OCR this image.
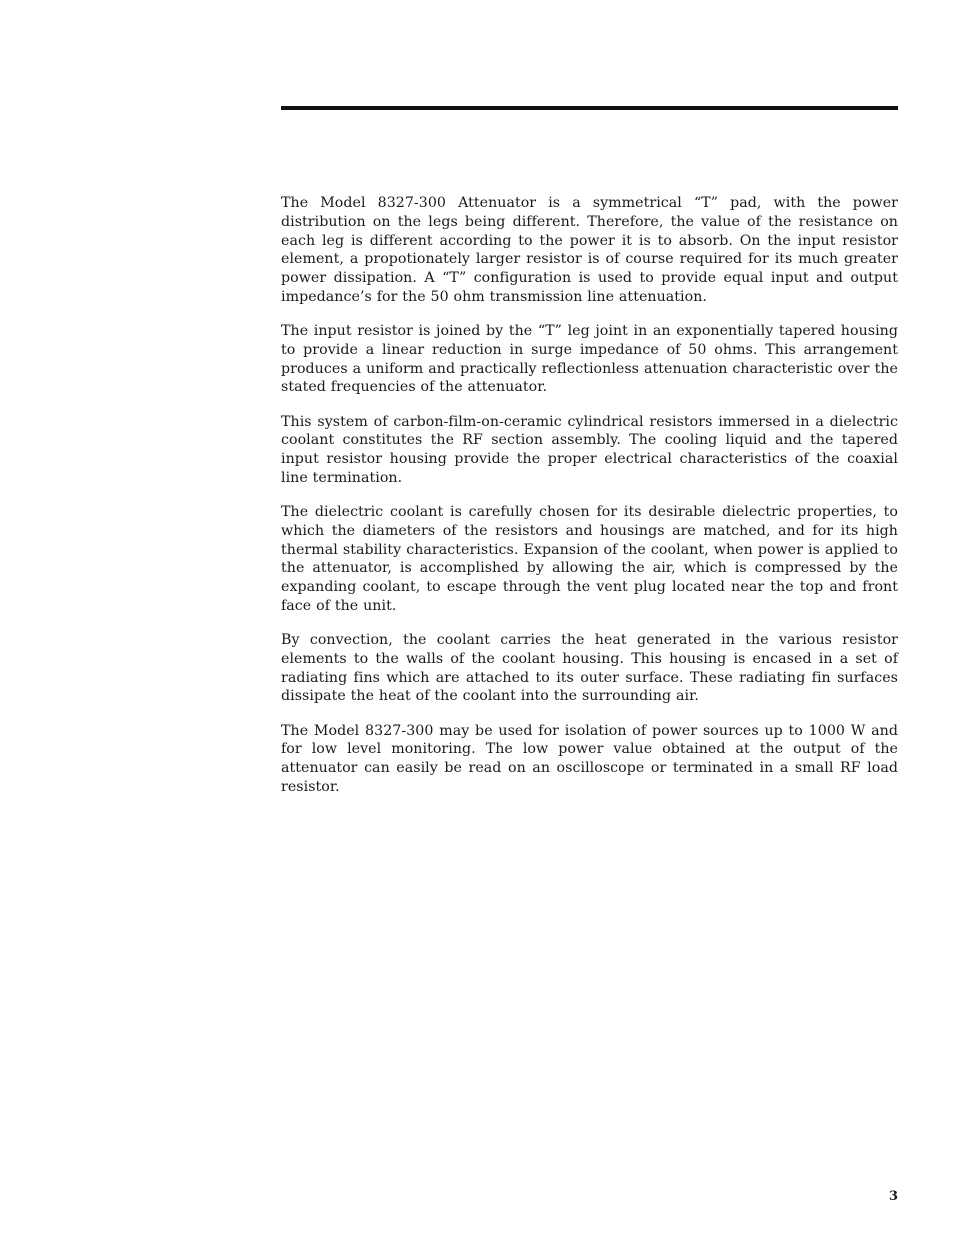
The Model 8327-300 Attenuator is a symmetrical “T” pad, with the power distribution on the legs being different. Therefore, the value of the resistance on each leg is different according to the power it is to absorb. On the input resistor element, a propotionately larger resistor is of course required for its much greater power dissipation. A “T” configuration is used to provide equal input and output impedance’s for the 50 ohm transmission line attenuation.

The input resistor is joined by the “T” leg joint in an exponentially tapered housing to provide a linear reduction in surge impedance of 50 ohms. This arrangement produces a uniform and practically reflectionless attenuation characteristic over the stated frequencies of the attenuator.

This system of carbon-film-on-ceramic cylindrical resistors immersed in a dielectric coolant constitutes the RF section assembly. The cooling liquid and the tapered input resistor housing provide the proper electrical characteristics of the coaxial line termination.

The dielectric coolant is carefully chosen for its desirable dielectric properties, to which the diameters of the resistors and housings are matched, and for its high thermal stability characteristics. Expansion of the coolant, when power is applied to the attenuator, is accomplished by allowing the air, which is compressed by the expanding coolant, to escape through the vent plug located near the top and front face of the unit.

By convection, the coolant carries the heat generated in the various resistor elements to the walls of the coolant housing. This housing is encased in a set of radiating fins which are attached to its outer surface. These radiating fin surfaces dissipate the heat of the coolant into the surrounding air.

The Model 8327-300 may be used for isolation of power sources up to 1000 W and for low level monitoring. The low power value obtained at the output of the attenuator can easily be read on an oscilloscope or terminated in a small RF load resistor.

3
